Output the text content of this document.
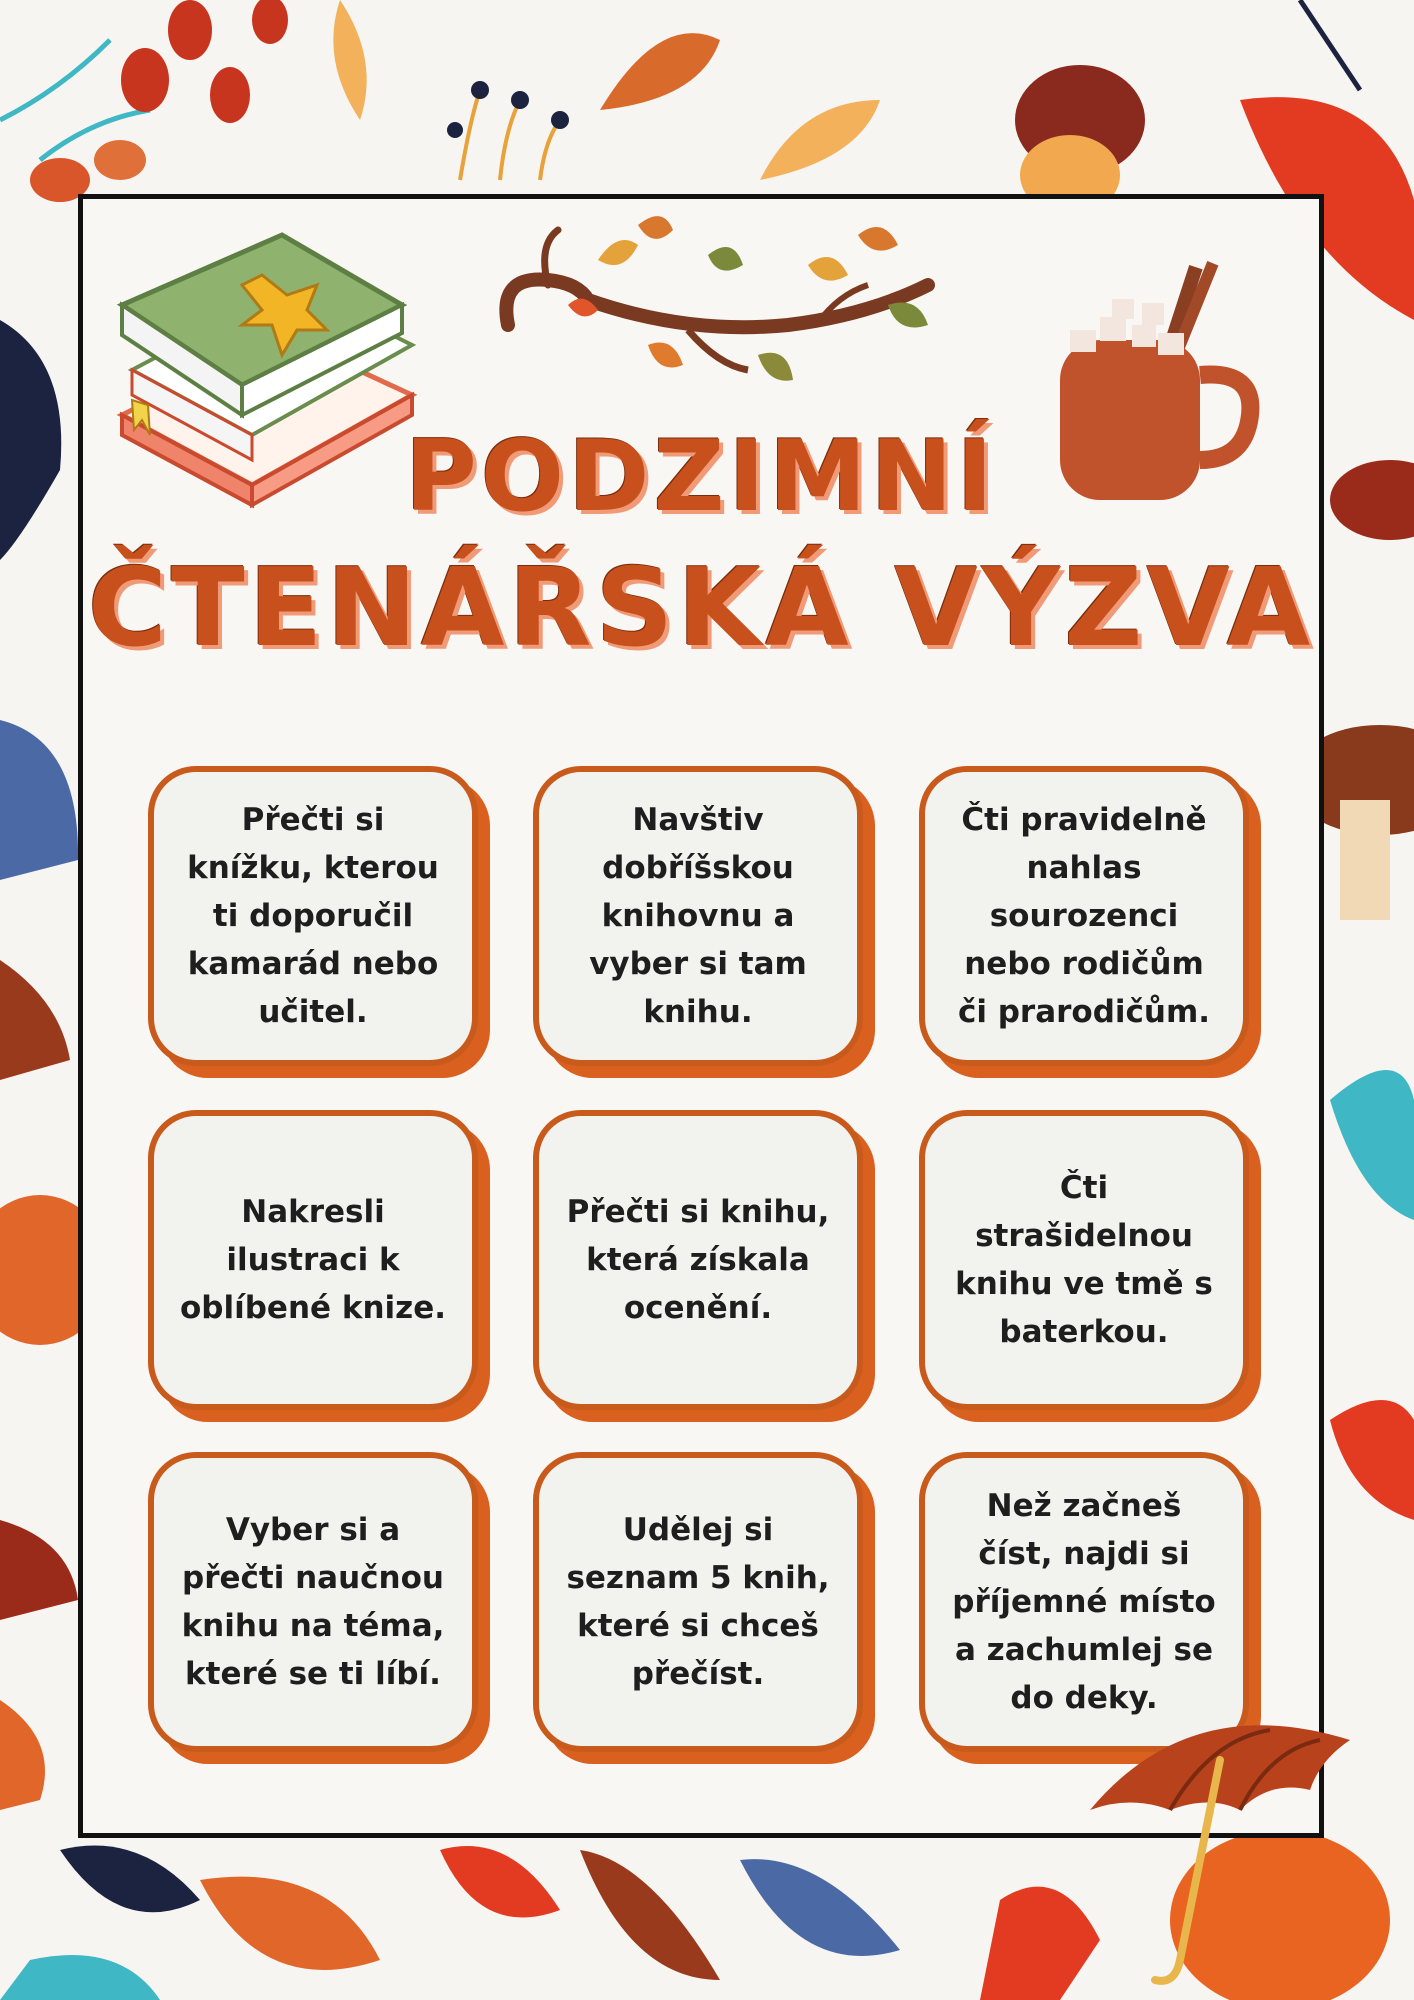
PODZIMNÍ
ČTENÁŘSKÁ VÝZVA
Přečti si knížku, kterou ti doporučil kamarád nebo učitel.
Navštiv dobříšskou knihovnu a vyber si tam knihu.
Čti pravidelně nahlas sourozenci nebo rodičům či prarodičům.
Nakresli ilustraci k oblíbené knize.
Přečti si knihu, která získala ocenění.
Čti strašidelnou knihu ve tmě s baterkou.
Vyber si a přečti naučnou knihu na téma, které se ti líbí.
Udělej si seznam 5 knih, které si chceš přečíst.
Než začneš číst, najdi si příjemné místo a zachumlej se do deky.
